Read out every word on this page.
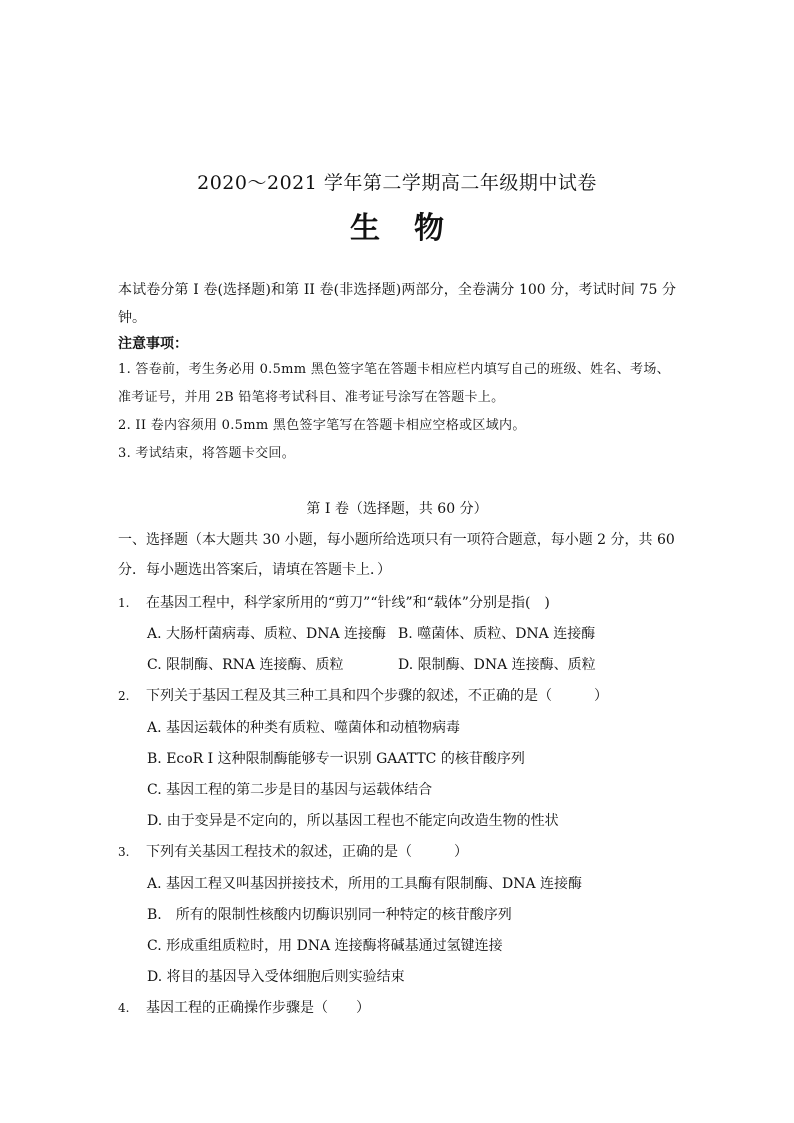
2020～2021 学年第二学期高二年级期中试卷
生物
本试卷分第 I 卷(选择题)和第 II 卷(非选择题)两部分，全卷满分 100 分，考试时间 75 分钟。
注意事项：
1. 答卷前，考生务必用 0.5mm 黑色签字笔在答题卡相应栏内填写自己的班级、姓名、考场、
准考证号，并用 2B 铅笔将考试科目、准考证号涂写在答题卡上。
2. II 卷内容须用 0.5mm 黑色签字笔写在答题卡相应空格或区域内。
3. 考试结束，将答题卡交回。
第 I 卷（选择题，共 60 分）
一、选择题（本大题共 30 小题，每小题所给选项只有一项符合题意，每小题 2 分，共 60 分．每小题选出答案后，请填在答题卡上．）
1. 在基因工程中，科学家所用的“剪刀”“针线”和“载体”分别是指(　)
A. 大肠杆菌病毒、质粒、DNA 连接酶 B. 噬菌体、质粒、DNA 连接酶
C. 限制酶、RNA 连接酶、质粒	D. 限制酶、DNA 连接酶、质粒
2. 下列关于基因工程及其三种工具和四个步骤的叙述，不正确的是（　　　）
A. 基因运载体的种类有质粒、噬菌体和动植物病毒
B. EcoR I 这种限制酶能够专一识别 GAATTC 的核苷酸序列
C. 基因工程的第二步是目的基因与运载体结合
D. 由于变异是不定向的，所以基因工程也不能定向改造生物的性状
3. 下列有关基因工程技术的叙述，正确的是（　　　）
A. 基因工程又叫基因拼接技术，所用的工具酶有限制酶、DNA 连接酶
B.　所有的限制性核酸内切酶识别同一种特定的核苷酸序列
C. 形成重组质粒时，用 DNA 连接酶将碱基通过氢键连接
D. 将目的基因导入受体细胞后则实验结束
4. 基因工程的正确操作步骤是（　　）
